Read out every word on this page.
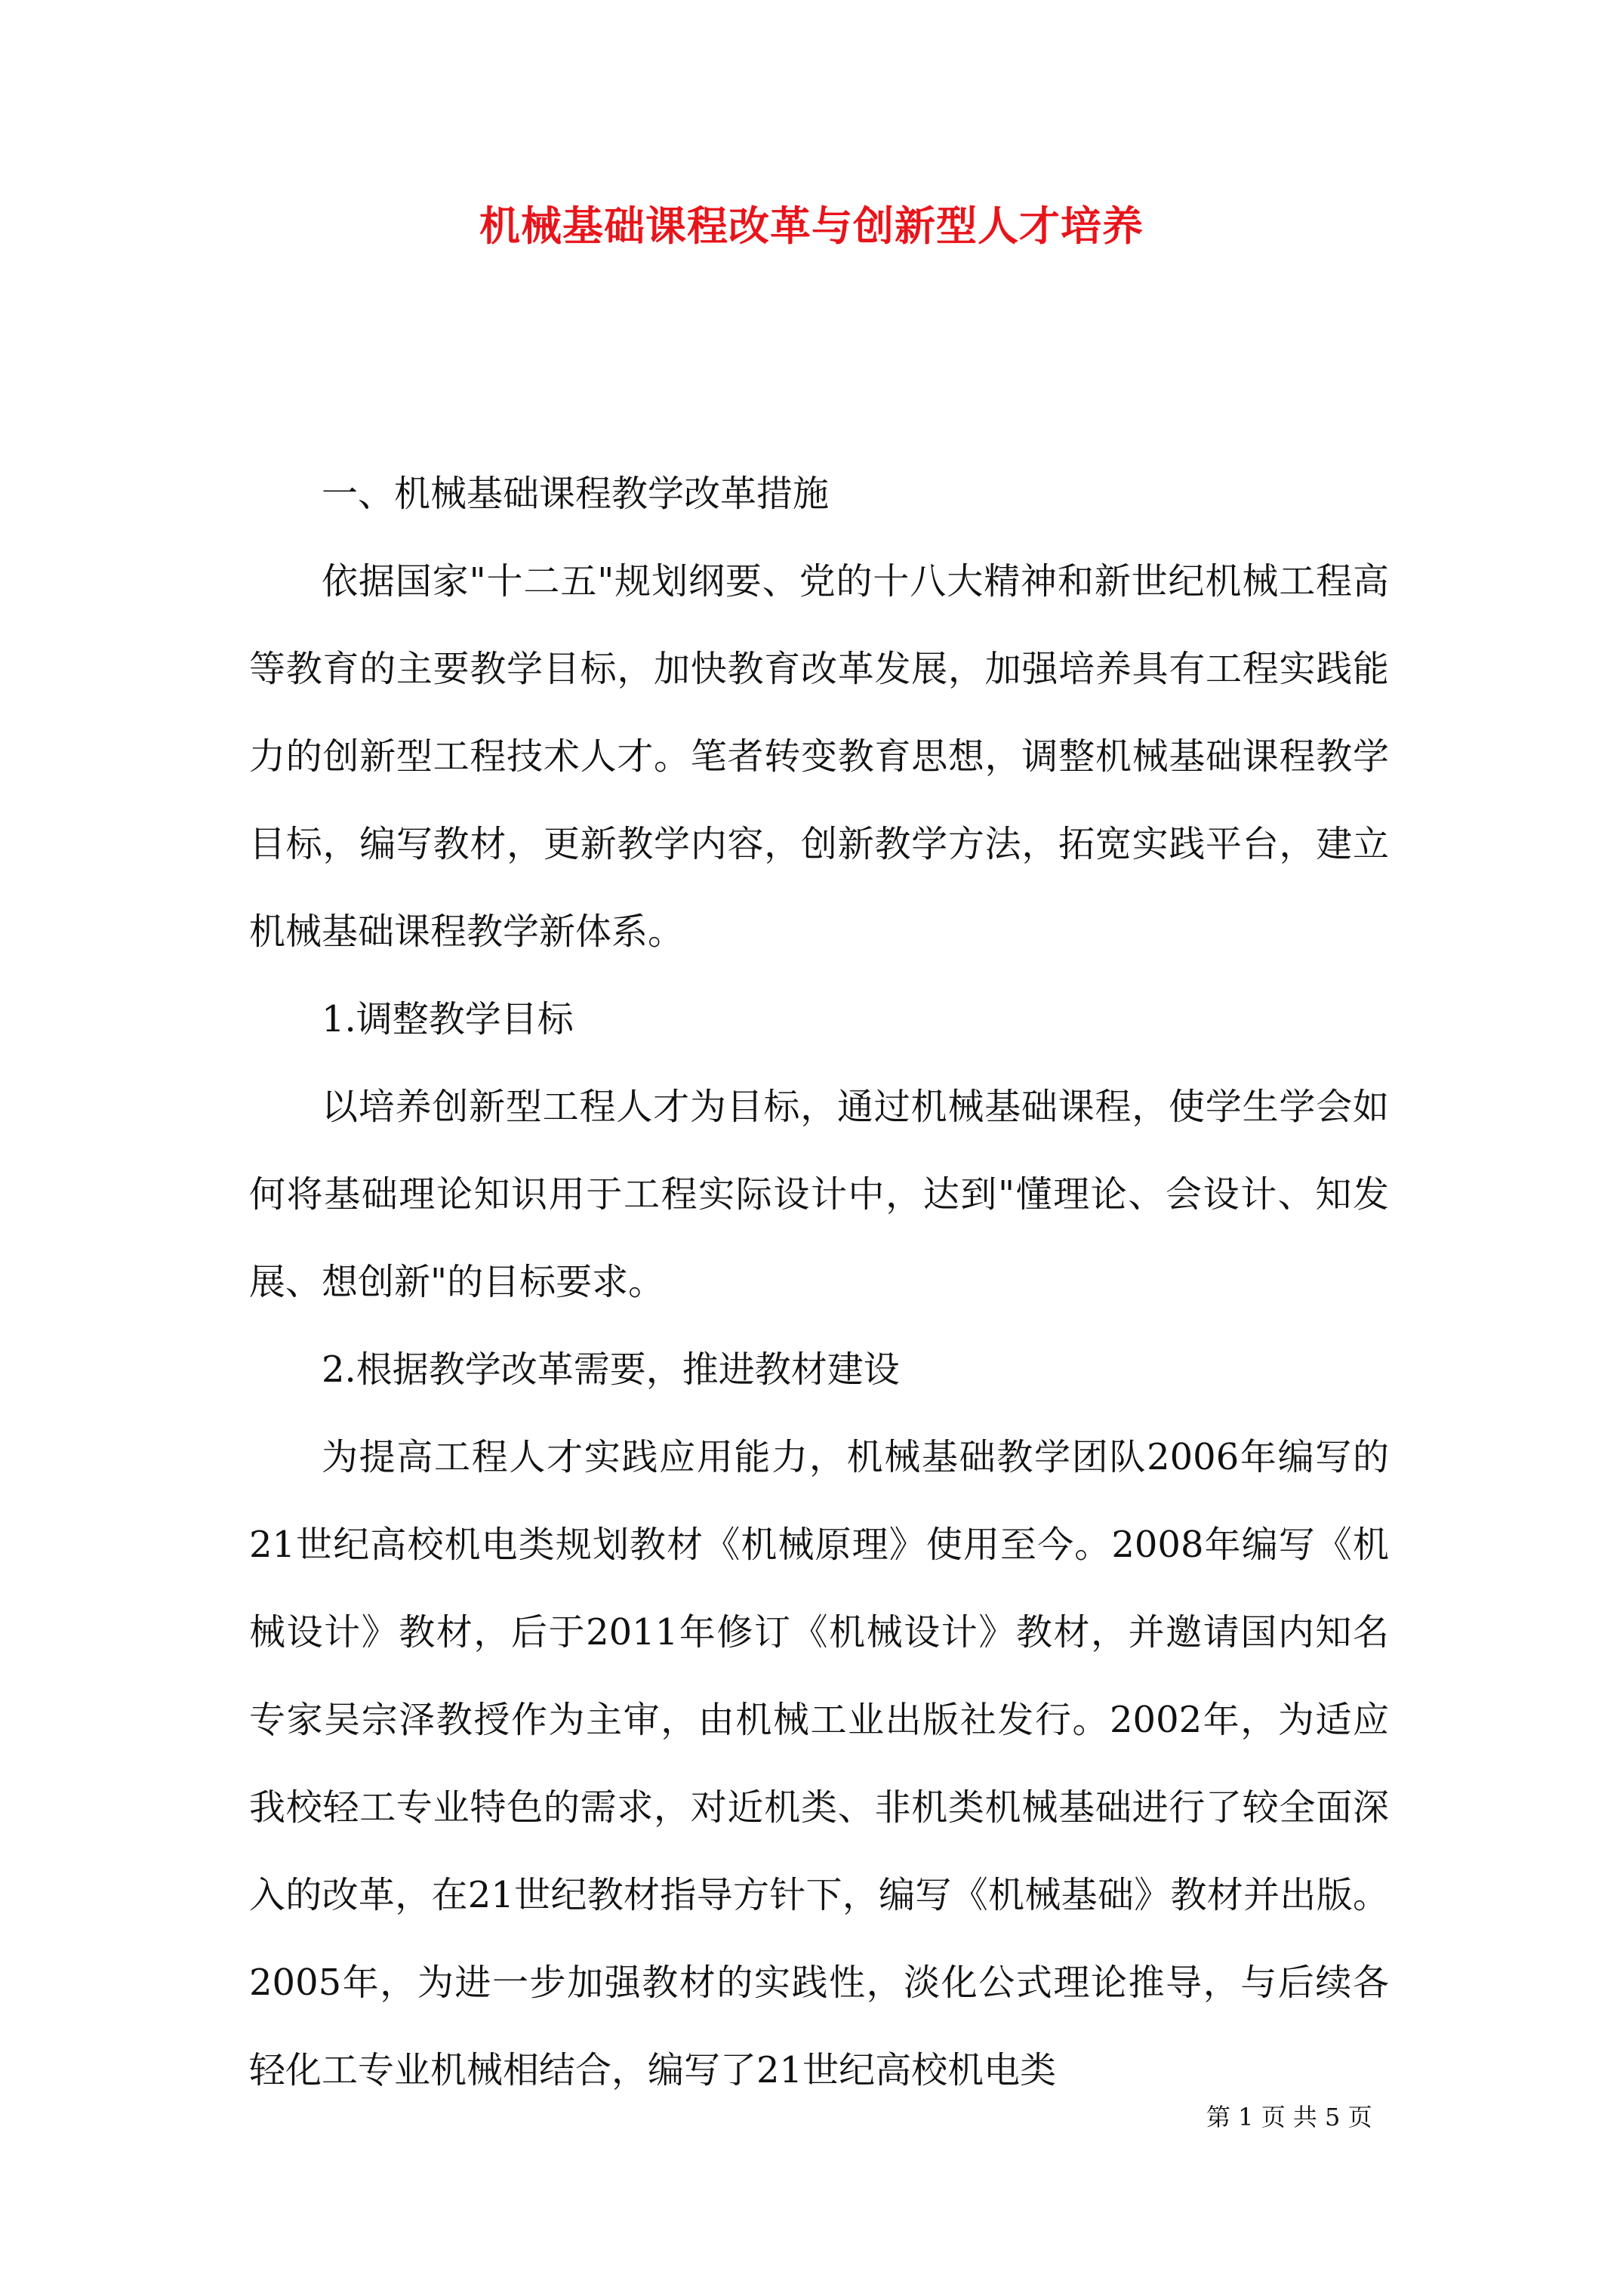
机械基础课程改革与创新型人才培养

一、机械基础课程教学改革措施

依据国家"十二五"规划纲要、党的十八大精神和新世纪机械工程高等教育的主要教学目标，加快教育改革发展，加强培养具有工程实践能力的创新型工程技术人才。笔者转变教育思想，调整机械基础课程教学目标，编写教材，更新教学内容，创新教学方法，拓宽实践平台，建立机械基础课程教学新体系。

1.调整教学目标

以培养创新型工程人才为目标，通过机械基础课程，使学生学会如何将基础理论知识用于工程实际设计中，达到"懂理论、会设计、知发展、想创新"的目标要求。

2.根据教学改革需要，推进教材建设

为提高工程人才实践应用能力，机械基础教学团队2006年编写的21世纪高校机电类规划教材《机械原理》使用至今。2008年编写《机械设计》教材，后于2011年修订《机械设计》教材，并邀请国内知名专家吴宗泽教授作为主审，由机械工业出版社发行。2002年，为适应我校轻工专业特色的需求，对近机类、非机类机械基础进行了较全面深入的改革，在21世纪教材指导方针下，编写《机械基础》教材并出版。2005年，为进一步加强教材的实践性，淡化公式理论推导，与后续各轻化工专业机械相结合，编写了21世纪高校机电类

第 1 页 共 5 页
